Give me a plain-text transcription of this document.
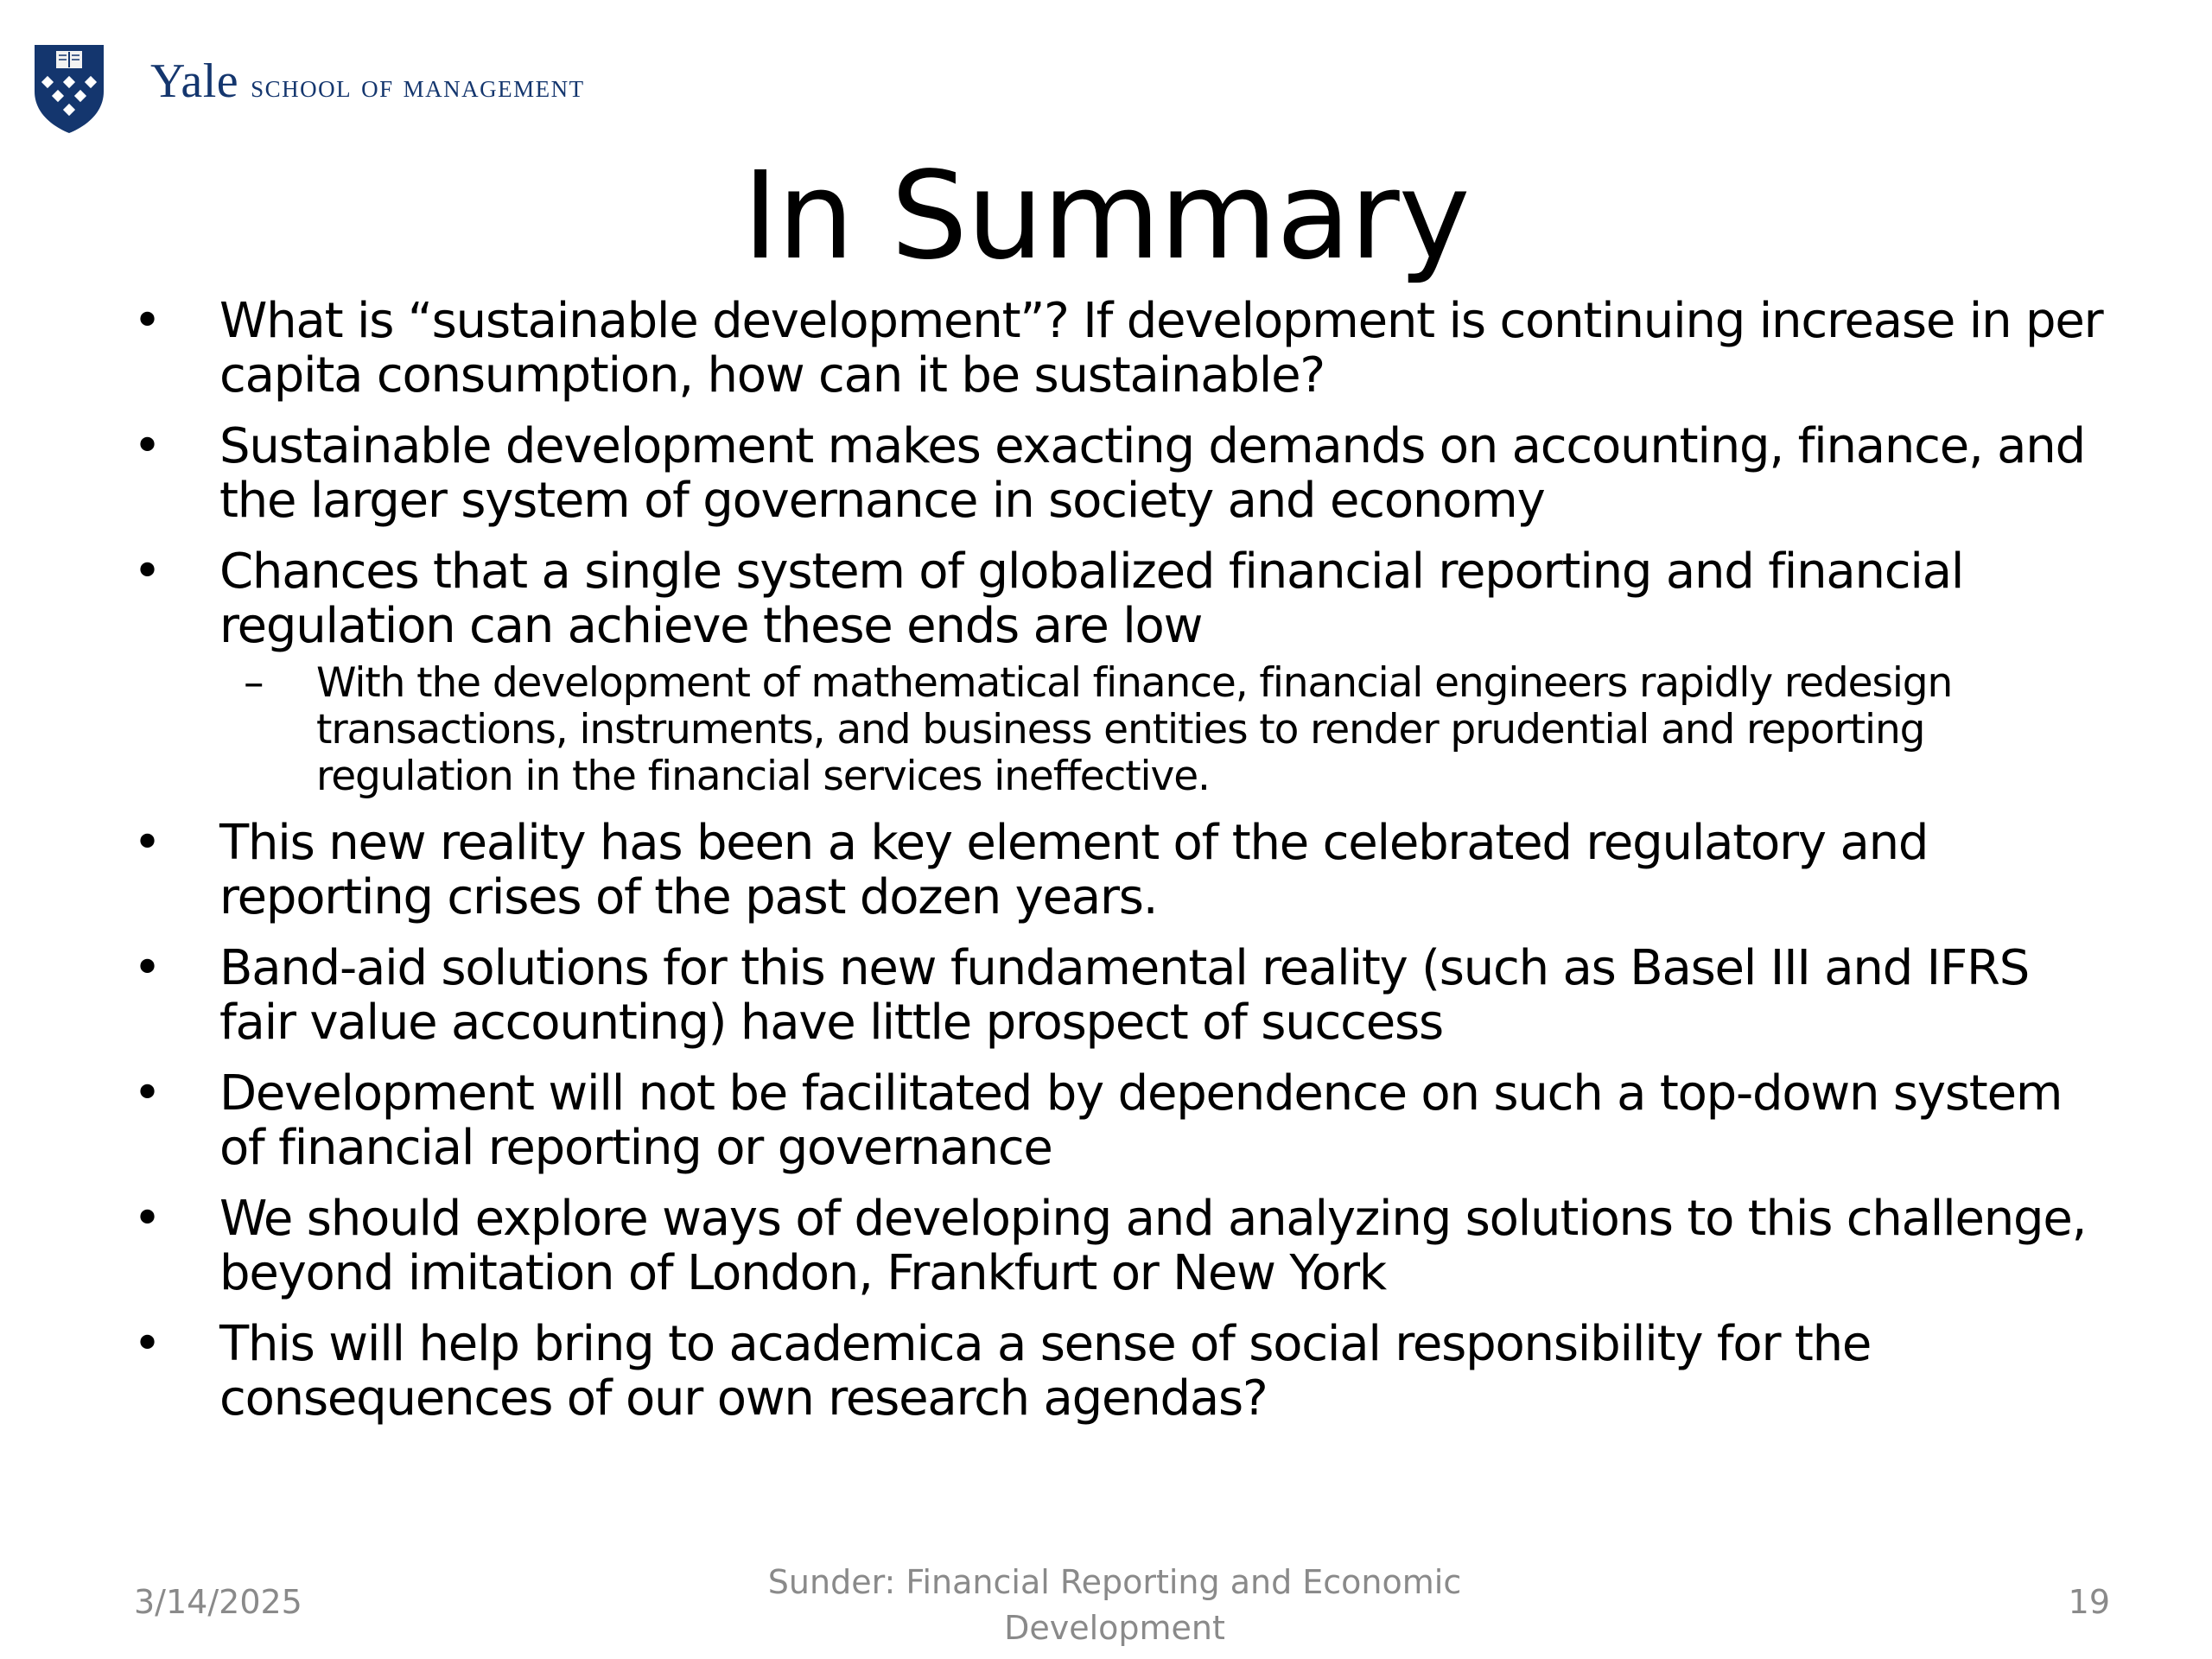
Yale school of management
In Summary
• What is “sustainable development”? If development is continuing increase in per capita consumption, how can it be sustainable?
• Sustainable development makes exacting demands on accounting, finance, and the larger system of governance in society and economy
• Chances that a single system of globalized financial reporting and financial regulation can achieve these ends are low
– With the development of mathematical finance, financial engineers rapidly redesign transactions, instruments, and business entities to render prudential and reporting regulation in the financial services ineffective.
• This new reality has been a key element of the celebrated regulatory and reporting crises of the past dozen years.
• Band-aid solutions for this new fundamental reality (such as Basel III and IFRS fair value accounting) have little prospect of success
• Development will not be facilitated by dependence on such a top-down system of financial reporting or governance
• We should explore ways of developing and analyzing solutions to this challenge, beyond imitation of London, Frankfurt or New York
• This will help bring to academica a sense of social responsibility for the consequences of our own research agendas?
3/14/2025
Sunder: Financial Reporting and Economic Development
19
